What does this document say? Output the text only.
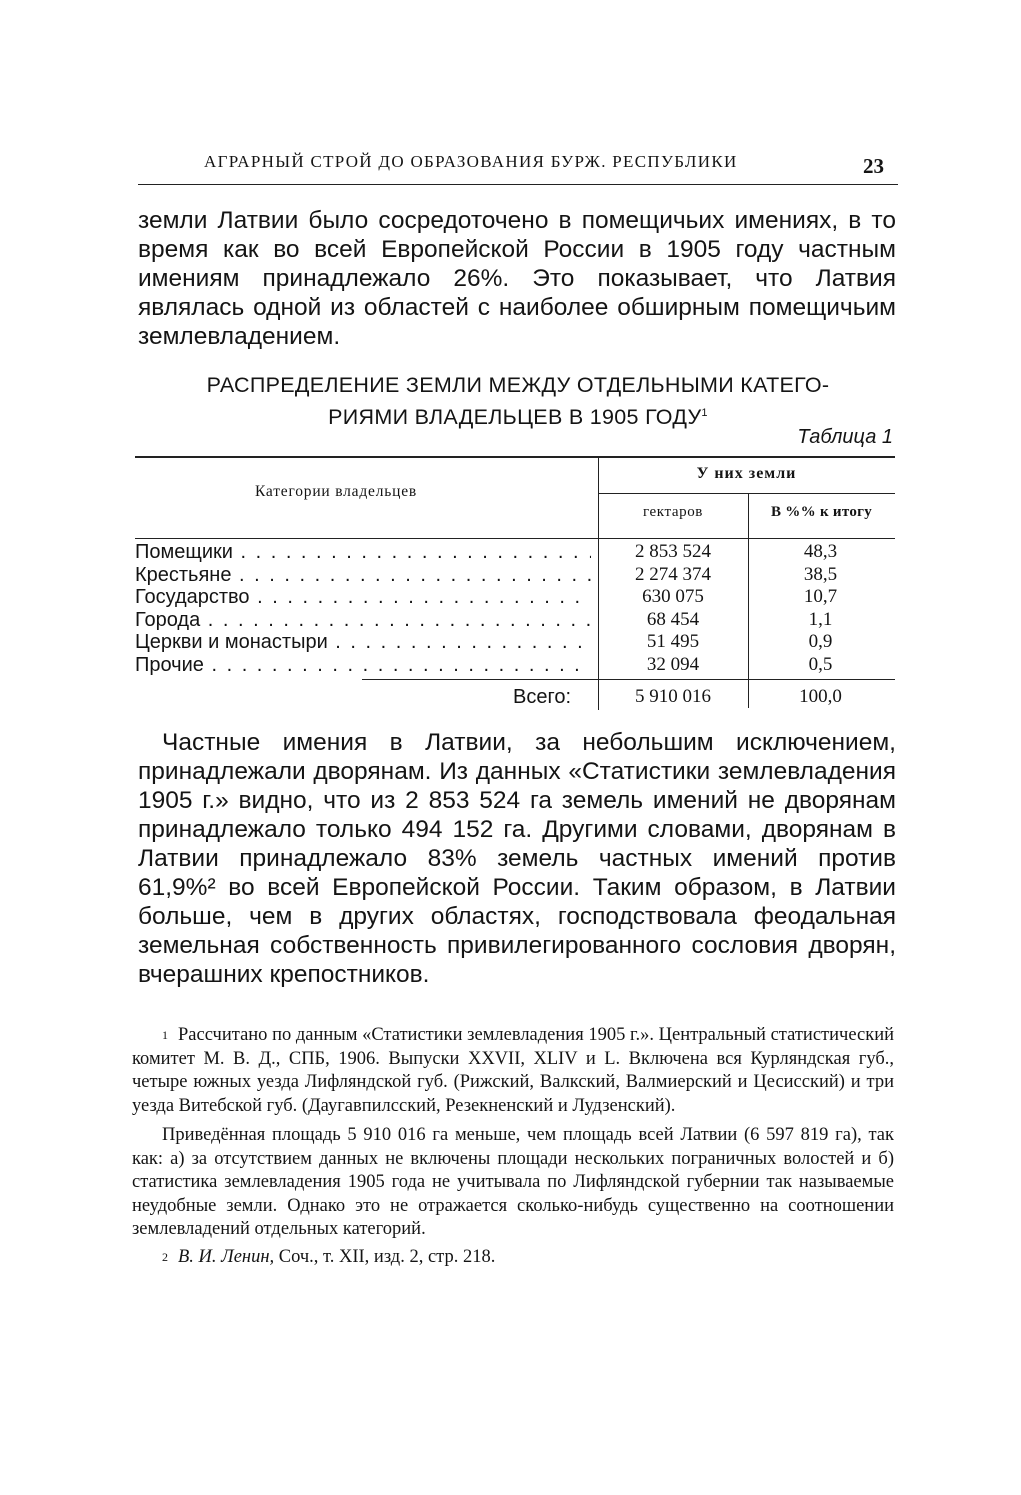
АГРАРНЫЙ СТРОЙ ДО ОБРАЗОВАНИЯ БУРЖ. РЕСПУБЛИКИ	23
земли Латвии было сосредоточено в помещичьих имениях, в то время как во всей Европейской России в 1905 году частным имениям принадлежало 26%. Это показывает, что Латвия являлась одной из областей с наиболее обширным помещичьим землевладением.
РАСПРЕДЕЛЕНИЕ ЗЕМЛИ МЕЖДУ ОТДЕЛЬНЫМИ КАТЕГО-
РИЯМИ ВЛАДЕЛЬЦЕВ В 1905 ГОДУ$^1$
Таблица 1
Категории владельцев
У них земли
гектаров	В %% к итогу
Помещики . . .	2 853 524	48,3
Крестьяне . . .	2 274 374	38,5
Государство . . .	630 075	10,7
Города . . .	68 454	1,1
Церкви и монастыри . . .	51 495	0,9
Прочие . . .	32 094	0,5
Всего:	5 910 016	100,0
Частные имения в Латвии, за небольшим исключением, принадлежали дворянам. Из данных «Статистики землевладения 1905 г.» видно, что из 2 853 524 га земель имений не дворянам принадлежало только 494 152 га. Другими словами, дворянам в Латвии принадлежало 83% земель частных имений против 61,9%² во всей Европейской России. Таким образом, в Латвии больше, чем в других областях, господствовала феодальная земельная собственность привилегированного сословия дворян, вчерашних крепостников.

$^1$ Рассчитано по данным «Статистики землевладения 1905 г.». Центральный статистический комитет М. В. Д., СПБ, 1906. Выпуски XXVII, XLIV и L. Включена вся Курляндская губ., четыре южных уезда Лифляндской губ. (Рижский, Валкский, Валмиерский и Цесисский) и три уезда Витебской губ. (Даугавпилсский, Резекненский и Лудзенский).

Приведённая площадь 5 910 016 га меньше, чем площадь всей Латвии (6 597 819 га), так как: а) за отсутствием данных не включены площади нескольких пограничных волостей и б) статистика землевладения 1905 года не учитывала по Лифляндской губернии так называемые неудобные земли. Однако это не отражается сколько-нибудь существенно на соотношении землевладений отдельных категорий.

$^2$ В. И. Ленин, Соч., т. XII, изд. 2, стр. 218.
